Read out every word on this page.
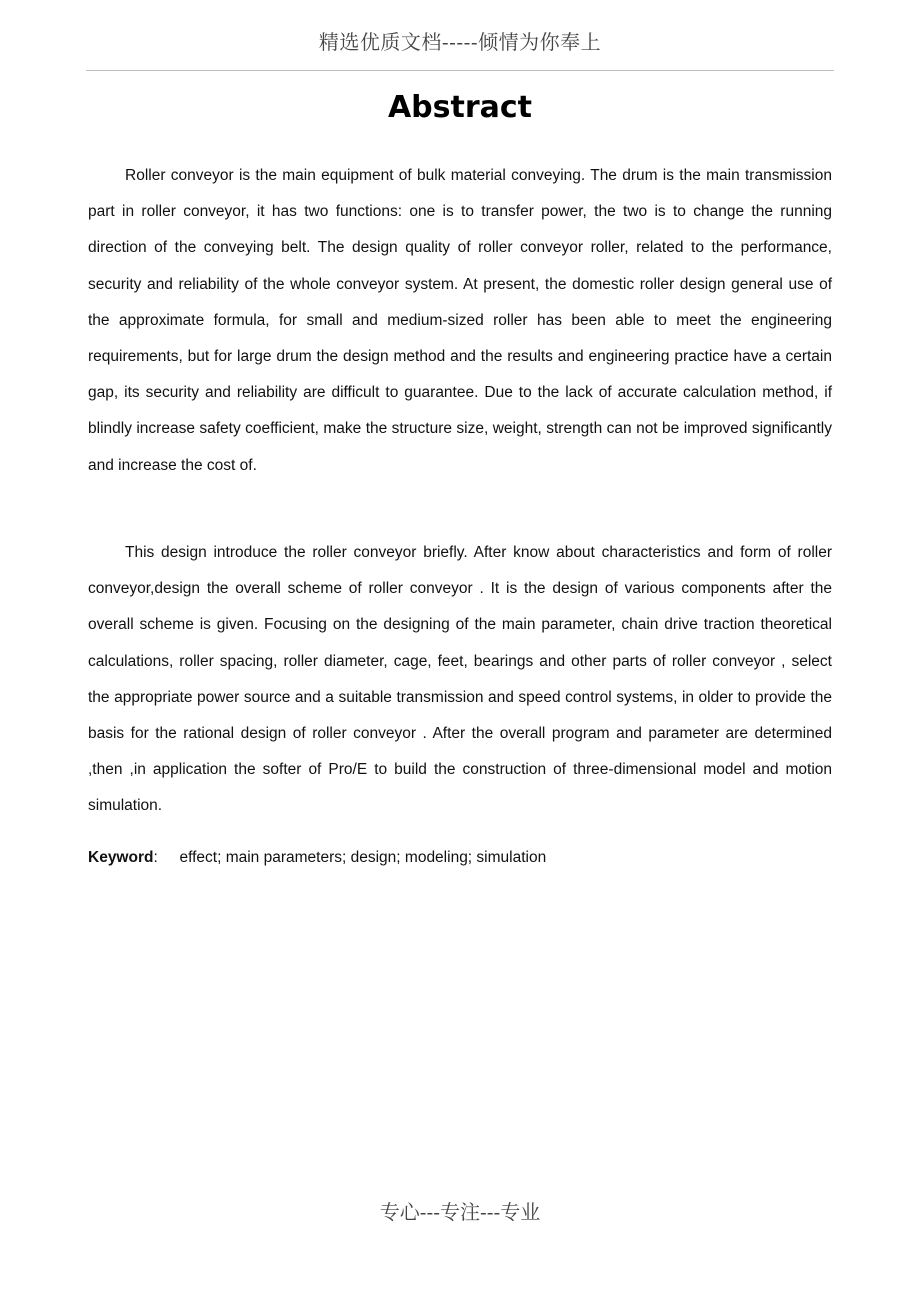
精选优质文档-----倾情为你奉上
Abstract

Roller conveyor is the main equipment of bulk material conveying. The drum is the main transmission part in roller conveyor, it has two functions: one is to transfer power, the two is to change the running direction of the conveying belt. The design quality of roller conveyor roller, related to the performance, security and reliability of the whole conveyor system. At present, the domestic roller design general use of the approximate formula, for small and medium-sized roller has been able to meet the engineering requirements, but for large drum the design method and the results and engineering practice have a certain gap, its security and reliability are difficult to guarantee. Due to the lack of accurate calculation method, if blindly increase safety coefficient, make the structure size, weight, strength can not be improved significantly and increase the cost of.

This design introduce the roller conveyor briefly. After know about characteristics and form of roller conveyor,design the overall scheme of roller conveyor . It is the design of various components after the overall scheme is given. Focusing on the designing of the main parameter, chain drive traction theoretical calculations, roller spacing, roller diameter, cage, feet, bearings and other parts of roller conveyor , select the appropriate power source and a suitable transmission and speed control systems, in older to provide the basis for the rational design of roller conveyor . After the overall program and parameter are determined ,then ,in application the softer of Pro/E to build the construction of three-dimensional model and motion simulation.

Keyword: effect; main parameters; design; modeling; simulation
专心---专注---专业
